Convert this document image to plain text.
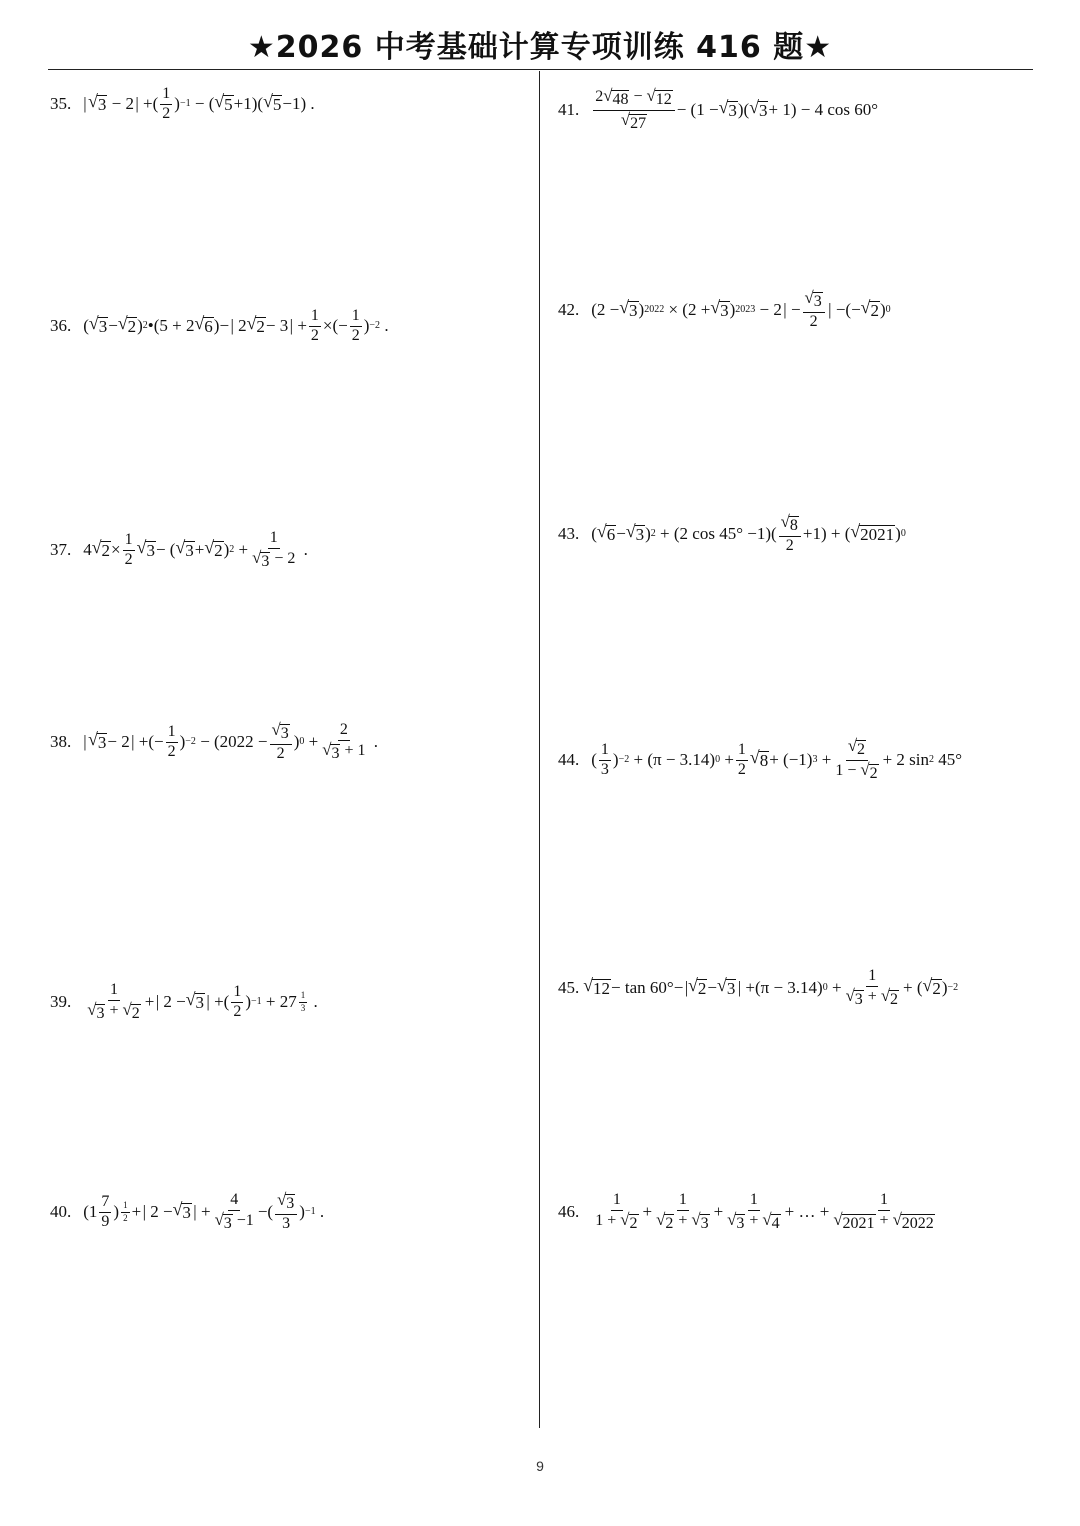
★2026 中考基础计算专项训练 416 题★
35. |  √ 3 − 2 | +( $\frac{1}{2}$ ) −1 − ( √ 5 +1)( √ 5 −1) .
36. ( √ 3 − √ 2 ) 2 •(5 + 2 √ 6 )− | 2 √ 2 − 3 | + $\frac{1}{2}$ ×(− $\frac{1}{2}$ ) −2 .
37. 4 √ $2 \times \frac{1}{2}$ √ 3 − ( √ 3 + √ 2 ) $2 + \frac{1}{√ 3 - 2}$ .
38. |  √ 3 − 2 | +(− $\frac{1}{2}$ ) $-2 - (2022 - \frac{√ 3}{2}$ ) $0 + \frac{2}{√ 3 + 1}$ .
39. $\frac{1}{√ 3 + √ 2}$ + | 2 − √ 3  | +( $\frac{1}{2}$ ) $-1 + 27 \frac{1}{3}$ .
40. ($1 \frac{7}{9}$ ) $\frac{1}{2}$ + | 2 − √ 3  | + $\frac{4}{√ 3 -1}$ −( $\frac{√ 3}{3}$ ) −1 .
41. $\frac{2 √ 48 - √ 12}{√ 27} - (1$ − √ 3 )( √ 3 + 1) − 4 cos 60°
42. (2 − √ 3 ) 2022 × (2 + √ 3 ) 2023 − 2 | − $\frac{√ 3}{2}$  | −(− √ 2 ) 0
43. ( √ 6 − √ 3 ) 2 + (2 $\cos 45^\circ -1)( \frac{√ 8}{2} +1)$ + ( √ 2021 ) 0
44. ( $\frac{1}{3}$ ) −2 + (π − 3.14) $0 + \frac{1}{2}$ √ 8 + (−1) $3 + \frac{√ 2}{1 - √ 2} + 2$ sin 2 45°
45. √ 12 − tan 60°− | √ 2 − √ 3  | +(π − 3.14) $0 + \frac{1}{√ 3 + √ 2}$ + ( √ 2 ) −2
46. $\frac{1}{1 + √ 2} + \frac{1}{√ 2 + √ 3} + \frac{1}{√ 3 + √ 4}$ + … + $\frac{1}{√ 2021 + √ 2022}$
9
